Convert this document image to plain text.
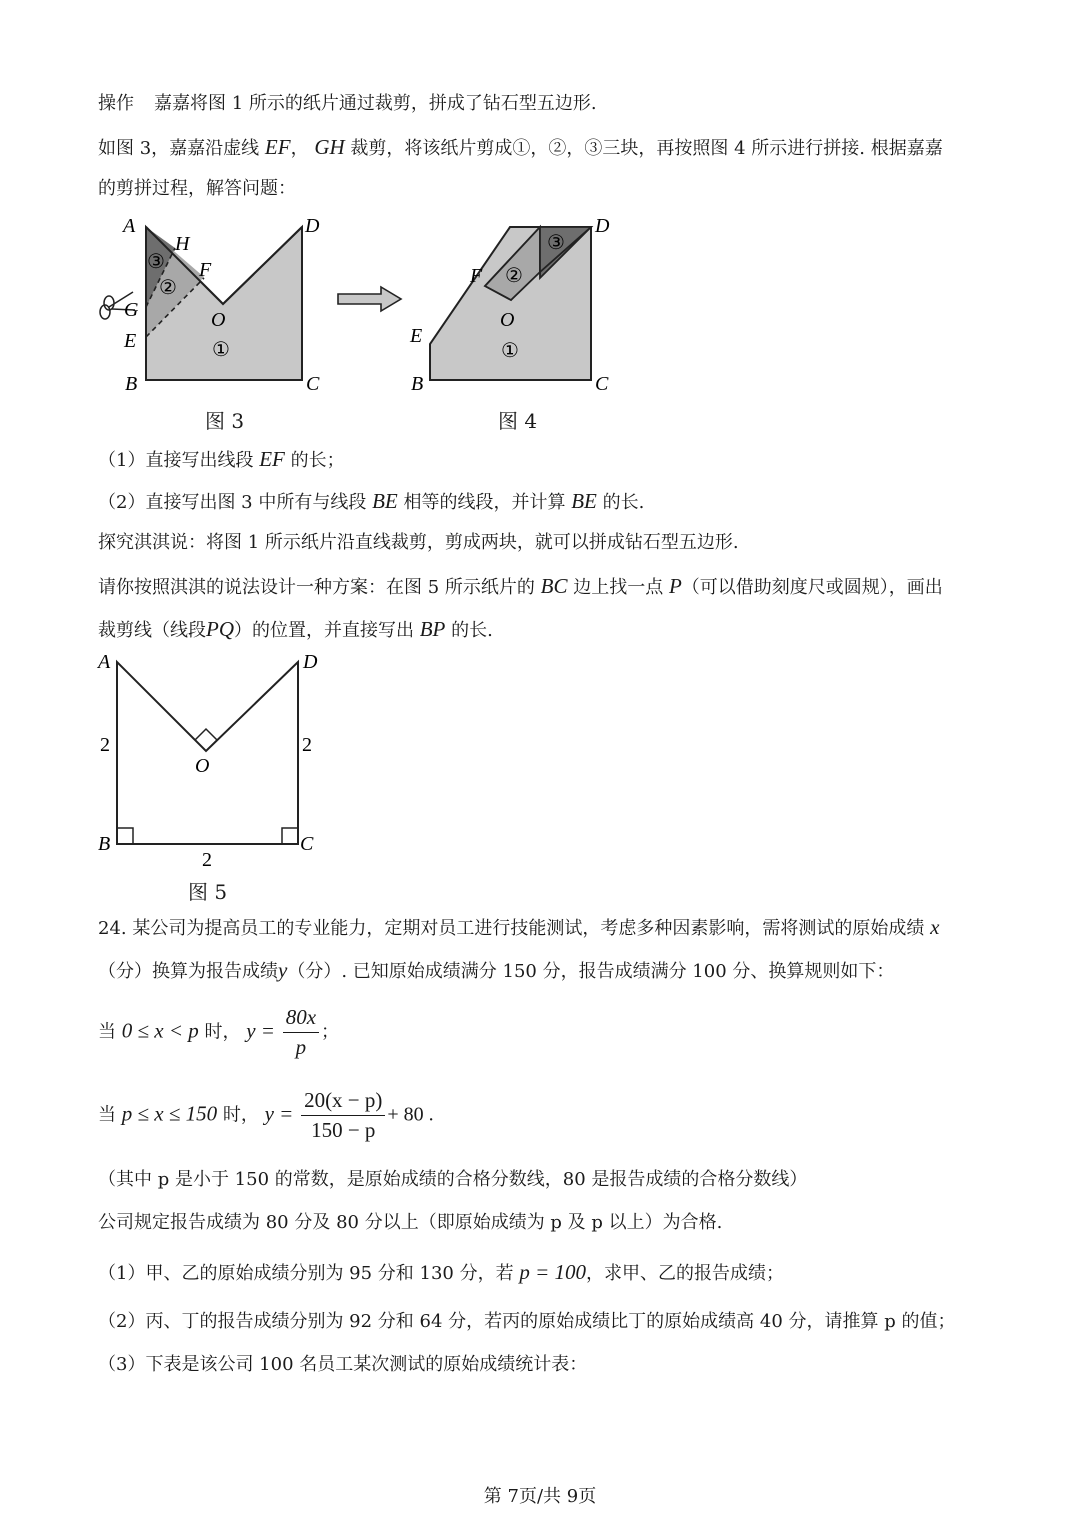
操作 嘉嘉将图 1 所示的纸片通过裁剪，拼成了钻石型五边形.
如图 3，嘉嘉沿虚线 EF， GH 裁剪，将该纸片剪成①，②，③三块，再按照图 4 所示进行拼接. 根据嘉嘉
的剪拼过程，解答问题：
A
H
F
G
E
O
B	C
D
③
②
①
图 3
F
E
O
B	C
D
③
②
①
图 4
（1）直接写出线段 EF 的长；
（2）直接写出图 3 中所有与线段 BE 相等的线段，并计算 BE 的长.
探究淇淇说：将图 1 所示纸片沿直线裁剪，剪成两块，就可以拼成钻石型五边形.
请你按照淇淇的说法设计一种方案：在图 5 所示纸片的 BC 边上找一点 P（可以借助刻度尺或圆规），画出
裁剪线（线段PQ）的位置，并直接写出 BP 的长.
A	D
O
B	C
2	2
2
图 5
24. 某公司为提高员工的专业能力，定期对员工进行技能测试，考虑多种因素影响，需将测试的原始成绩 x
（分）换算为报告成绩y（分）. 已知原始成绩满分 150 分，报告成绩满分 100 分、换算规则如下：
当 0 ≤ x < p 时， $y = \frac{80x}{p}$ ；
当 p ≤ x ≤ 150 时， $y = \frac{20(x - p)}{150 - p} + 80$ .
（其中 p 是小于 150 的常数，是原始成绩的合格分数线，80 是报告成绩的合格分数线）
公司规定报告成绩为 80 分及 80 分以上（即原始成绩为 p 及 p 以上）为合格.
（1）甲、乙的原始成绩分别为 95 分和 130 分，若 p = 100，求甲、乙的报告成绩；
（2）丙、丁的报告成绩分别为 92 分和 64 分，若丙的原始成绩比丁的原始成绩高 40 分，请推算 p 的值；
（3）下表是该公司 100 名员工某次测试的原始成绩统计表：
第 7页/共 9页
